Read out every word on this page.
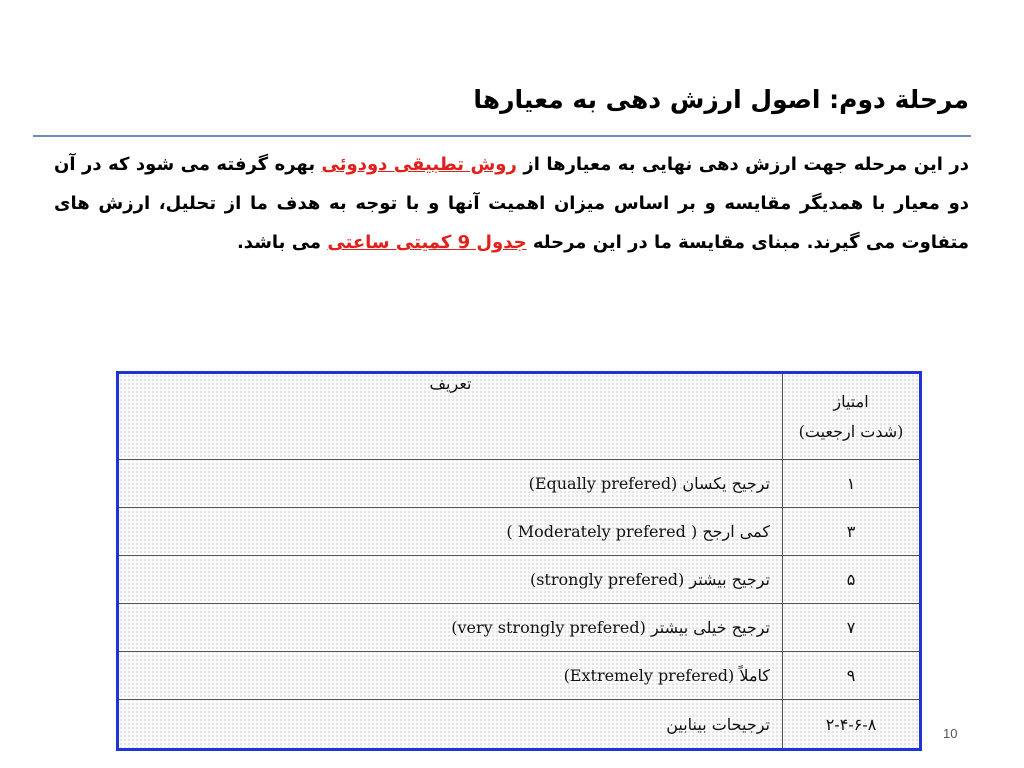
مرحلة دوم: اصول ارزش دهی به معیارها
در این مرحله جهت ارزش دهی نهایی به معیارها از روش تطبیقی دودوئی بهره گرفته می شود که در آن دو معیار با همدیگر مقایسه و بر اساس میزان اهمیت آنها و با توجه به هدف ما از تحلیل، ارزش های متفاوت می گیرند. مبنای مقایسة ما در این مرحله جدول 9 کمیتی ساعتی می باشد.
امتیاز
(شدت ارجعیت)	تعریف
۱	ترجیح یکسان (Equally prefered)
۳	کمی ارجح ( Moderately prefered )
۵	ترجیح بیشتر (strongly prefered)
۷	ترجیح خیلی بیشتر (very strongly prefered)
۹	کاملاً (Extremely prefered)
۲-۴-۶-۸	ترجیحات بینابین	10
